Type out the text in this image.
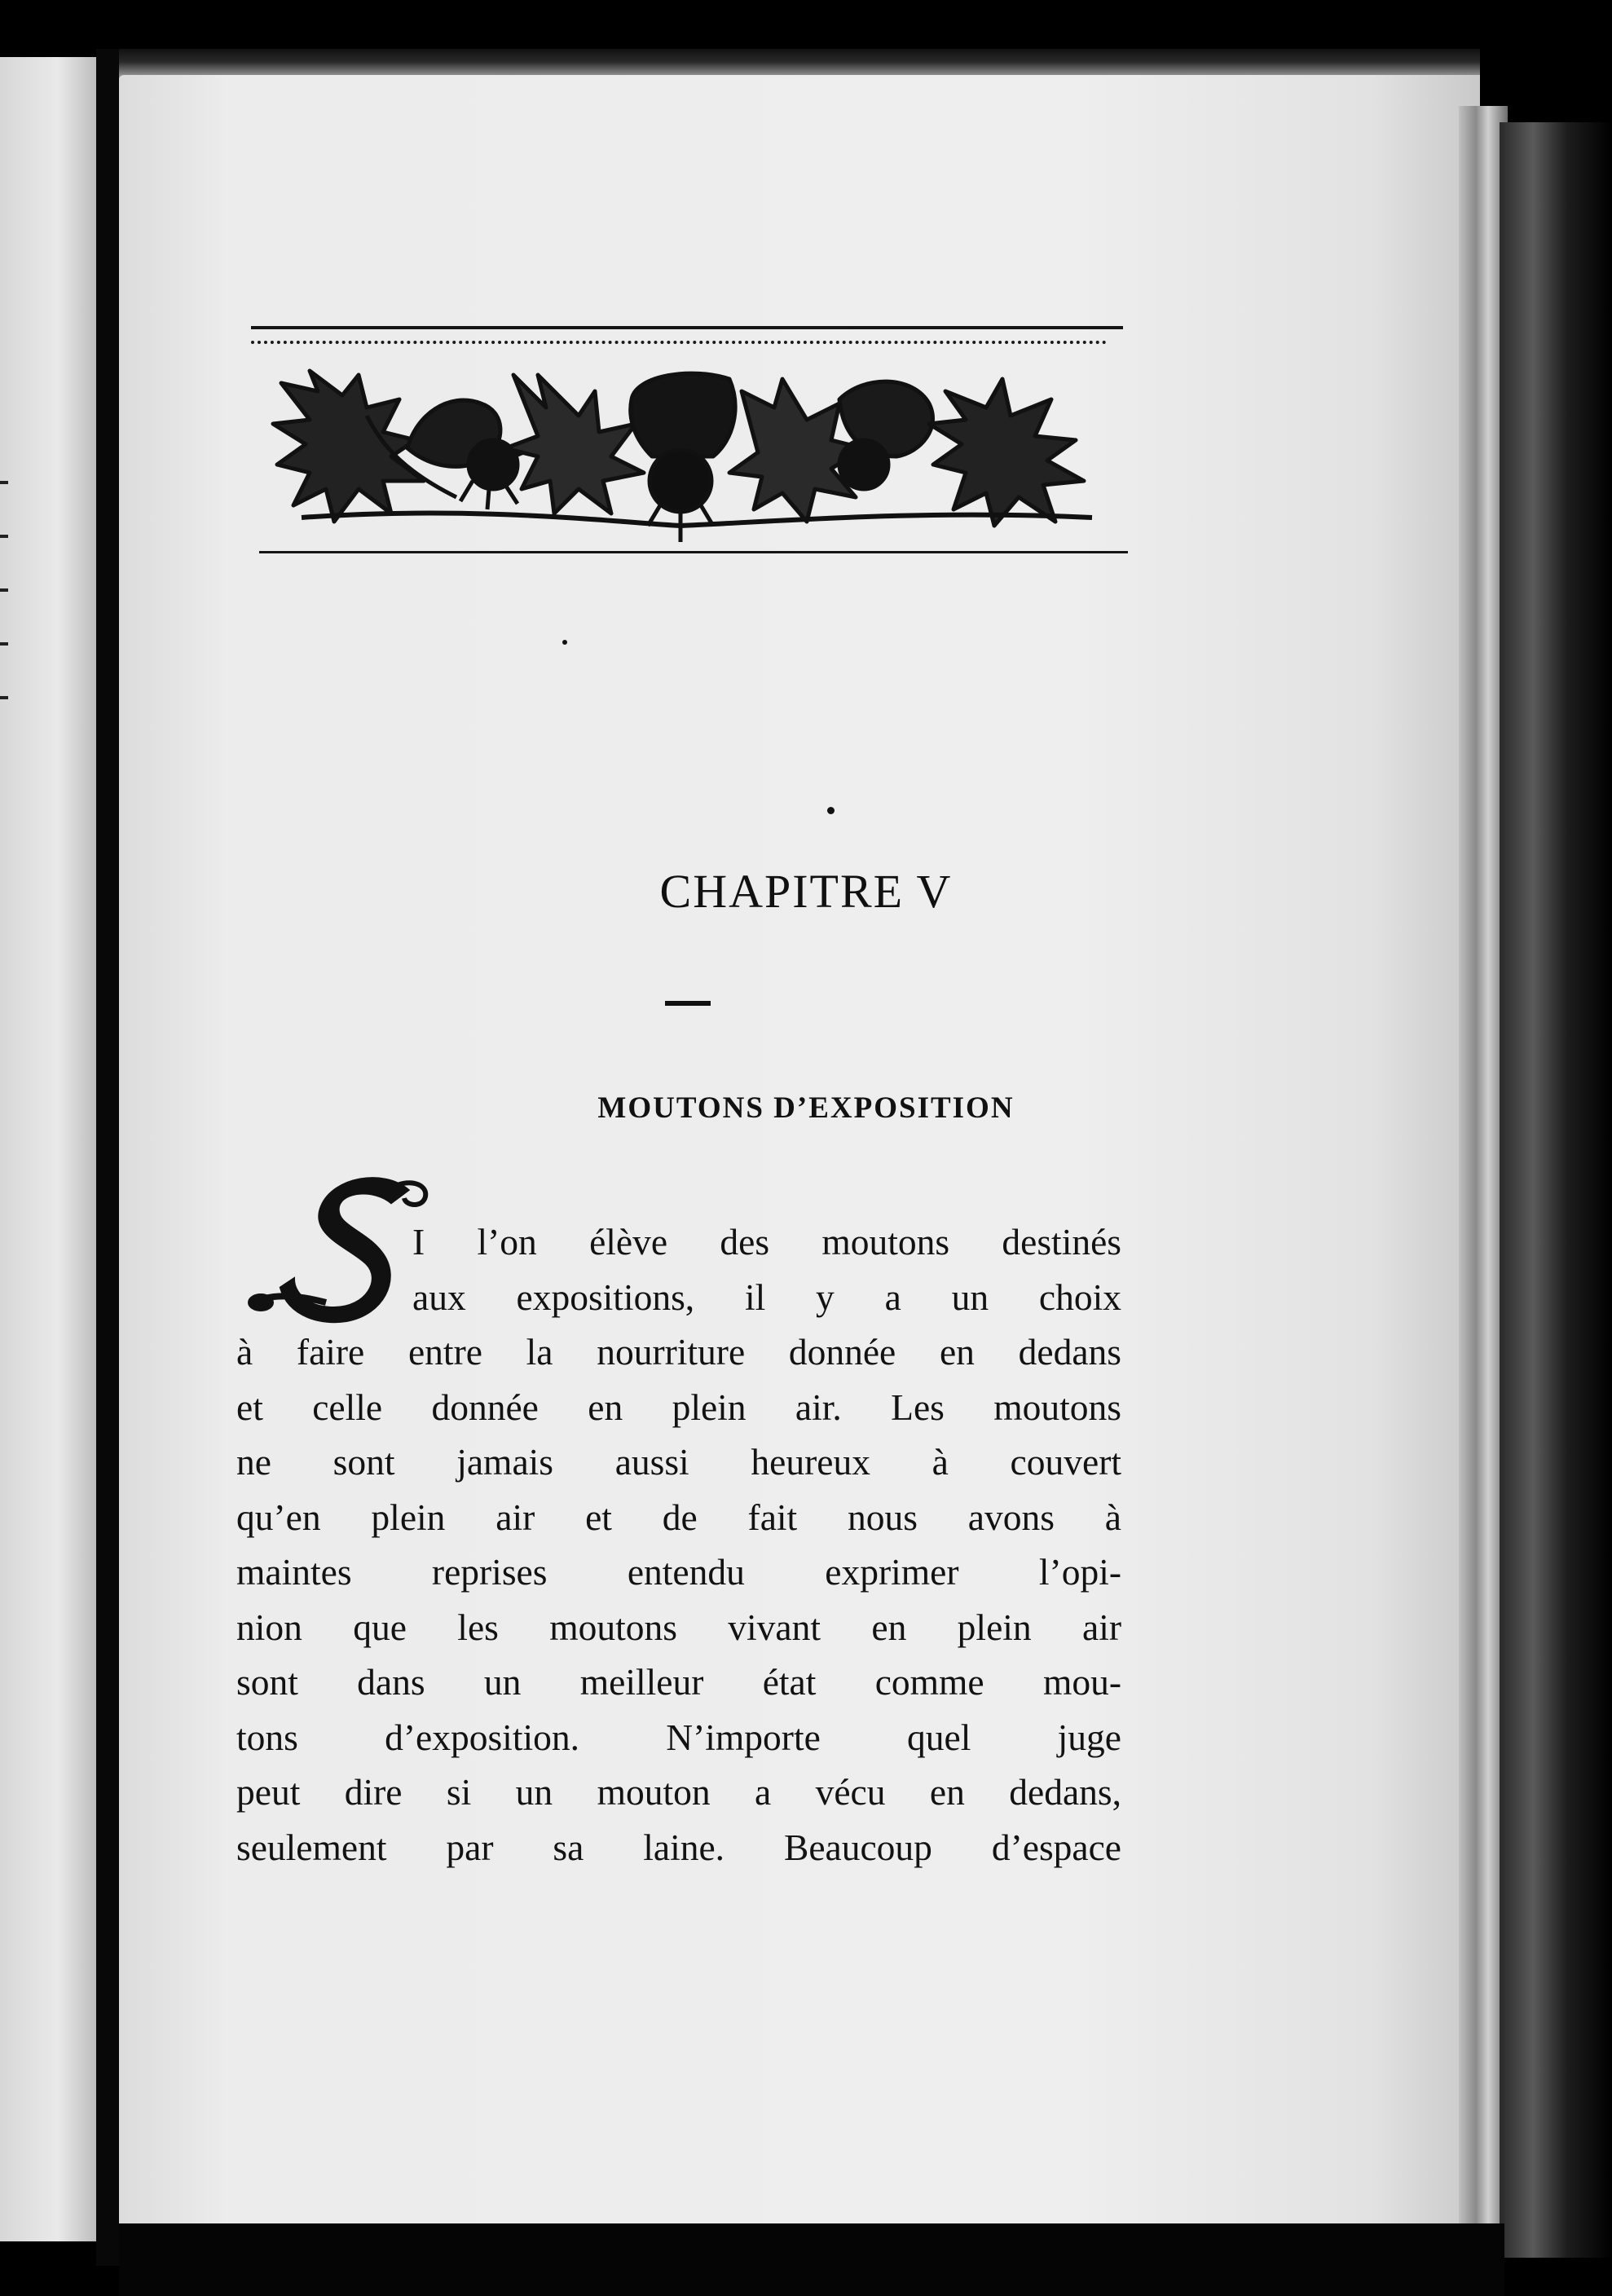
CHAPITRE V
MOUTONS D’EXPOSITION
I l’on élève des moutons destinés
aux expositions, il y a un choix
à faire entre la nourriture donnée en dedans
et celle donnée en plein air. Les moutons
ne sont jamais aussi heureux à couvert
qu’en plein air et de fait nous avons à
maintes reprises entendu exprimer l’opi-
nion que les moutons vivant en plein air
sont dans un meilleur état comme mou-
tons d’exposition. N’importe quel juge
peut dire si un mouton a vécu en dedans,
seulement par sa laine. Beaucoup d’espace
